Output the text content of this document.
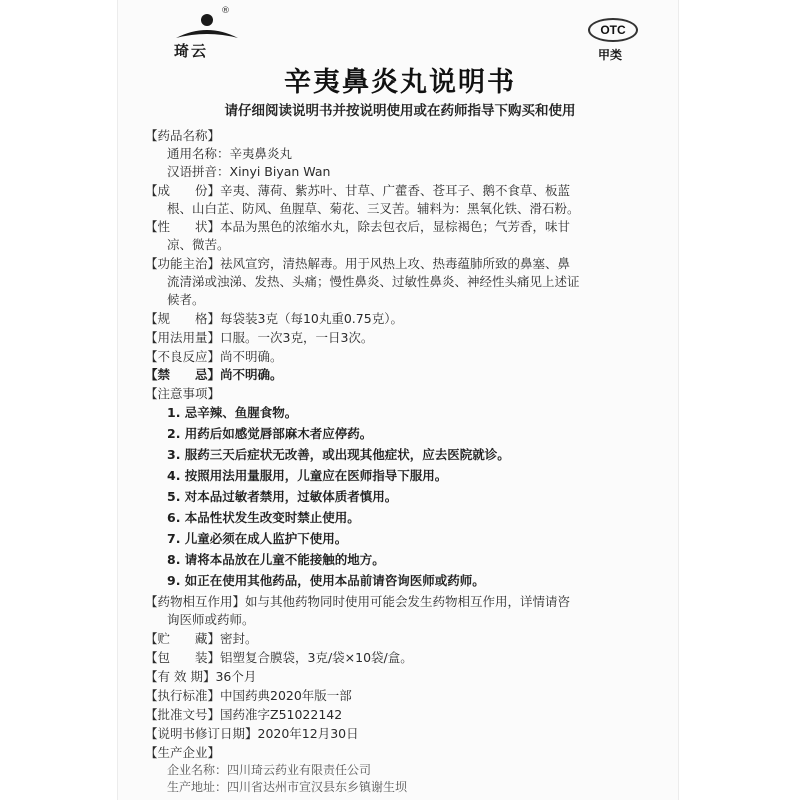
®
琦云
OTC
甲类
辛夷鼻炎丸说明书
请仔细阅读说明书并按说明使用或在药师指导下购买和使用
【药品名称】
通用名称：辛夷鼻炎丸
汉语拼音：Xinyi Biyan Wan
【成　　份】辛夷、薄荷、紫苏叶、甘草、广藿香、苍耳子、鹅不食草、板蓝
根、山白芷、防风、鱼腥草、菊花、三叉苦。辅料为：黑氧化铁、滑石粉。
【性　　状】本品为黑色的浓缩水丸，除去包衣后，显棕褐色；气芳香，味甘
凉、微苦。
【功能主治】祛风宣窍，清热解毒。用于风热上攻、热毒蕴肺所致的鼻塞、鼻
流清涕或浊涕、发热、头痛；慢性鼻炎、过敏性鼻炎、神经性头痛见上述证
候者。
【规　　格】每袋装3克（每10丸重0.75克）。
【用法用量】口服。一次3克，一日3次。
【不良反应】尚不明确。
【禁　　忌】尚不明确。
【注意事项】
1. 忌辛辣、鱼腥食物。
2. 用药后如感觉唇部麻木者应停药。
3. 服药三天后症状无改善，或出现其他症状，应去医院就诊。
4. 按照用法用量服用，儿童应在医师指导下服用。
5. 对本品过敏者禁用，过敏体质者慎用。
6. 本品性状发生改变时禁止使用。
7. 儿童必须在成人监护下使用。
8. 请将本品放在儿童不能接触的地方。
9. 如正在使用其他药品，使用本品前请咨询医师或药师。
【药物相互作用】如与其他药物同时使用可能会发生药物相互作用，详情请咨
询医师或药师。
【贮　　藏】密封。
【包　　装】铝塑复合膜袋，3克/袋×10袋/盒。
【有 效 期】36个月
【执行标准】中国药典2020年版一部
【批准文号】国药准字Z51022142
【说明书修订日期】2020年12月30日
【生产企业】
企业名称：四川琦云药业有限责任公司
生产地址：四川省达州市宣汉县东乡镇谢生坝
